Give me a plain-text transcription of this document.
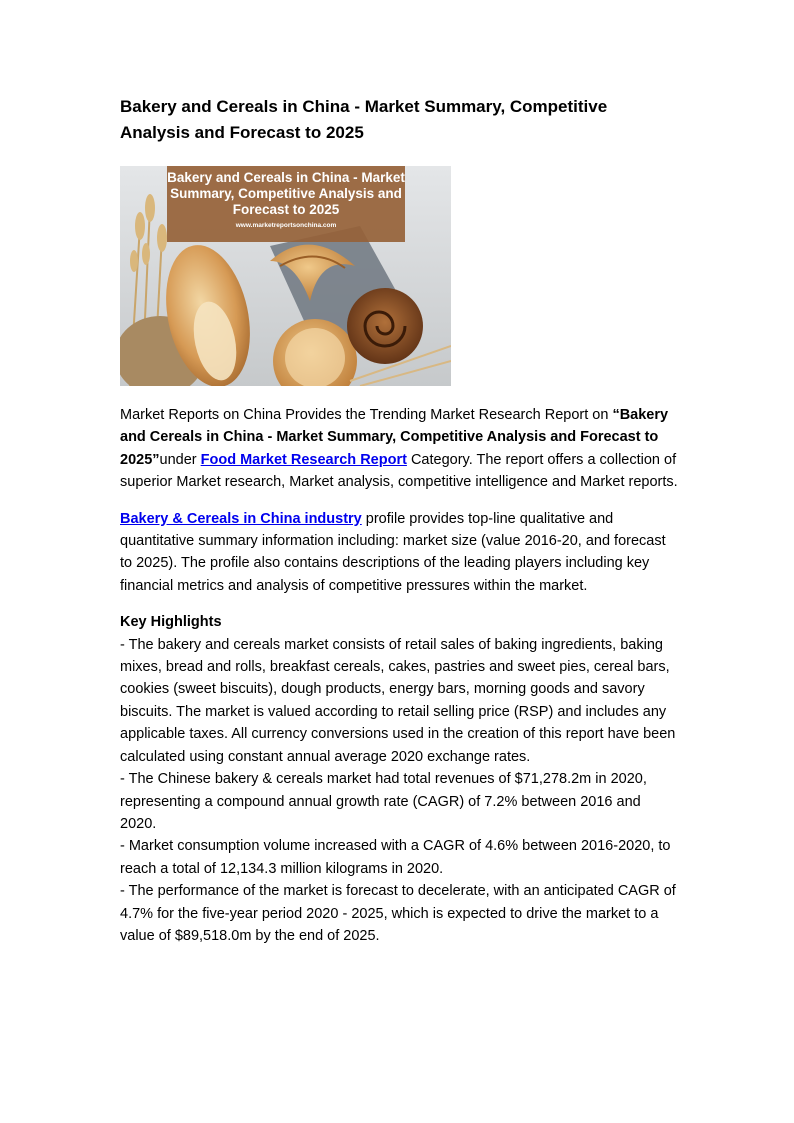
Bakery and Cereals in China - Market Summary, Competitive Analysis and Forecast to 2025
Bakery and Cereals in China - Market Summary, Competitive Analysis and Forecast to 2025
www.marketreportsonchina.com

Market Reports on China Provides the Trending Market Research Report on “Bakery and Cereals in China - Market Summary, Competitive Analysis and Forecast to 2025”under Food Market Research Report Category. The report offers a collection of superior Market research, Market analysis, competitive intelligence and Market reports.

Bakery & Cereals in China industry profile provides top-line qualitative and quantitative summary information including: market size (value 2016-20, and forecast to 2025). The profile also contains descriptions of the leading players including key financial metrics and analysis of competitive pressures within the market.

Key Highlights
- The bakery and cereals market consists of retail sales of baking ingredients, baking mixes, bread and rolls, breakfast cereals, cakes, pastries and sweet pies, cereal bars, cookies (sweet biscuits), dough products, energy bars, morning goods and savory biscuits. The market is valued according to retail selling price (RSP) and includes any applicable taxes. All currency conversions used in the creation of this report have been calculated using constant annual average 2020 exchange rates.
- The Chinese bakery & cereals market had total revenues of $71,278.2m in 2020, representing a compound annual growth rate (CAGR) of 7.2% between 2016 and 2020.
- Market consumption volume increased with a CAGR of 4.6% between 2016-2020, to reach a total of 12,134.3 million kilograms in 2020.
- The performance of the market is forecast to decelerate, with an anticipated CAGR of 4.7% for the five-year period 2020 - 2025, which is expected to drive the market to a value of $89,518.0m by the end of 2025.
